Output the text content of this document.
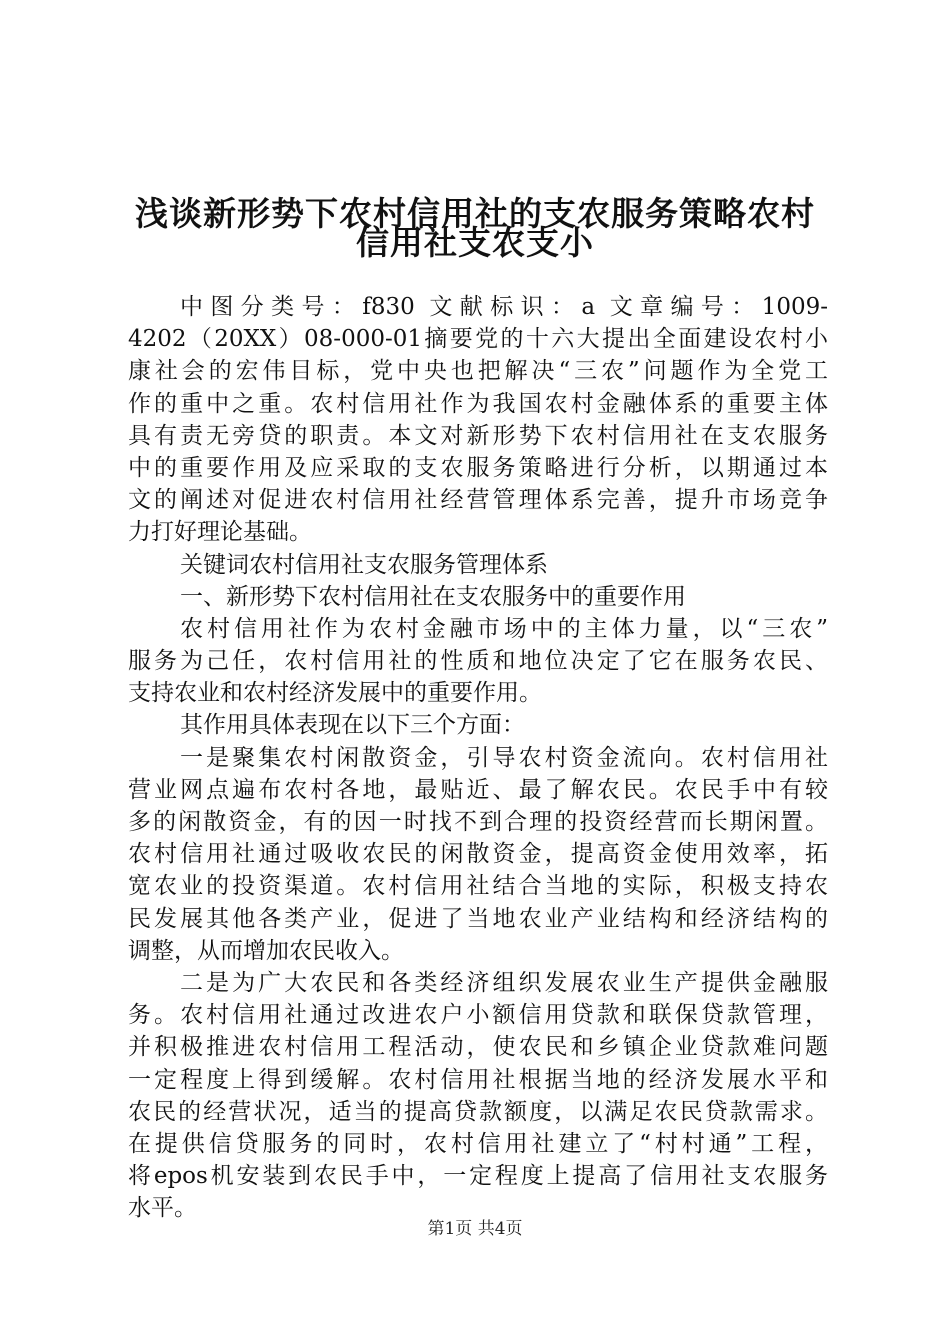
浅谈新形势下农村信用社的支农服务策略农村
信用社支农支小
中图分类号：f830 文献标识：a 文章编号：1009-
4202（20XX）08-000-01摘要党的十六大提出全面建设农村小
康社会的宏伟目标，党中央也把解决“三农”问题作为全党工
作的重中之重。农村信用社作为我国农村金融体系的重要主体
具有责无旁贷的职责。本文对新形势下农村信用社在支农服务
中的重要作用及应采取的支农服务策略进行分析，以期通过本
文的阐述对促进农村信用社经营管理体系完善，提升市场竞争
力打好理论基础。
关键词农村信用社支农服务管理体系
一、新形势下农村信用社在支农服务中的重要作用
农村信用社作为农村金融市场中的主体力量，以“三农”
服务为己任，农村信用社的性质和地位决定了它在服务农民、
支持农业和农村经济发展中的重要作用。
其作用具体表现在以下三个方面：
一是聚集农村闲散资金，引导农村资金流向。农村信用社
营业网点遍布农村各地，最贴近、最了解农民。农民手中有较
多的闲散资金，有的因一时找不到合理的投资经营而长期闲置。
农村信用社通过吸收农民的闲散资金，提高资金使用效率，拓
宽农业的投资渠道。农村信用社结合当地的实际，积极支持农
民发展其他各类产业，促进了当地农业产业结构和经济结构的
调整，从而增加农民收入。
二是为广大农民和各类经济组织发展农业生产提供金融服
务。农村信用社通过改进农户小额信用贷款和联保贷款管理，
并积极推进农村信用工程活动，使农民和乡镇企业贷款难问题
一定程度上得到缓解。农村信用社根据当地的经济发展水平和
农民的经营状况，适当的提高贷款额度，以满足农民贷款需求。
在提供信贷服务的同时，农村信用社建立了“村村通”工程，
将epos机安装到农民手中，一定程度上提高了信用社支农服务
水平。
第1页 共4页
